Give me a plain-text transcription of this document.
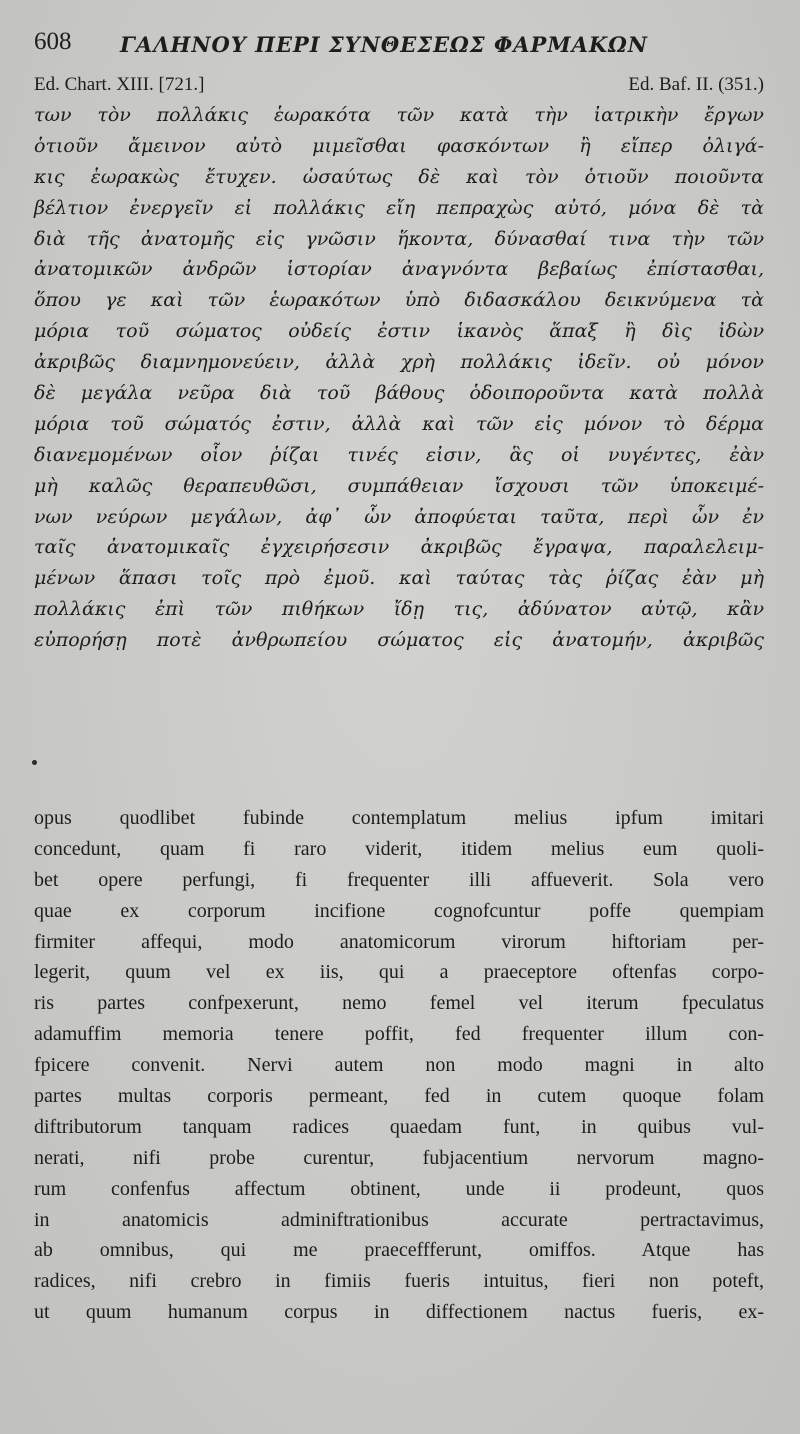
608 ΓΑΛΗΝΟΥ ΠΕΡΙ ΣΥΝΘΕΣΕΩΣ ΦΑΡΜΑΚΩΝ
Ed. Chart. XIII. [721.]	Ed. Baf. II. (351.)
των τὸν πολλάκις ἑωρακότα τῶν κατὰ τὴν ἰατρικὴν ἔργων
ὁτιοῦν ἄμεινον αὐτὸ μιμεῖσθαι φασκόντων ἢ εἴπερ ὀλιγά-
κις ἑωρακὼς ἔτυχεν. ὡσαύτως δὲ καὶ τὸν ὁτιοῦν ποιοῦντα
βέλτιον ἐνεργεῖν εἰ πολλάκις εἴη πεπραχὼς αὐτό, μόνα δὲ τὰ
διὰ τῆς ἀνατομῆς εἰς γνῶσιν ἥκοντα, δύνασθαί τινα τὴν τῶν
ἀνατομικῶν ἀνδρῶν ἱστορίαν ἀναγνόντα βεβαίως ἐπίστασθαι,
ὅπου γε καὶ τῶν ἑωρακότων ὑπὸ διδασκάλου δεικνύμενα τὰ
μόρια τοῦ σώματος οὐδείς ἐστιν ἱκανὸς ἅπαξ ἢ δὶς ἰδὼν
ἀκριβῶς διαμνημονεύειν, ἀλλὰ χρὴ πολλάκις ἰδεῖν. οὐ μόνον
δὲ μεγάλα νεῦρα διὰ τοῦ βάθους ὁδοιποροῦντα κατὰ πολλὰ
μόρια τοῦ σώματός ἐστιν, ἀλλὰ καὶ τῶν εἰς μόνον τὸ δέρμα
διανεμομένων οἷον ῥίζαι τινές εἰσιν, ἃς οἱ νυγέντες, ἐὰν
μὴ καλῶς θεραπευθῶσι, συμπάθειαν ἴσχουσι τῶν ὑποκειμέ-
νων νεύρων μεγάλων, ἀφ᾽ ὧν ἀποφύεται ταῦτα, περὶ ὧν ἐν
ταῖς ἀνατομικαῖς ἐγχειρήσεσιν ἀκριβῶς ἔγραψα, παραλελειμ-
μένων ἅπασι τοῖς πρὸ ἐμοῦ. καὶ ταύτας τὰς ῥίζας ἐὰν μὴ
πολλάκις ἐπὶ τῶν πιθήκων ἴδῃ τις, ἀδύνατον αὐτῷ, κἂν
εὐπορήσῃ ποτὲ ἀνθρωπείου σώματος εἰς ἀνατομήν, ἀκριβῶς
opus quodlibet fubinde contemplatum melius ipfum imitari
concedunt, quam fi raro viderit, itidem melius eum quoli-
bet opere perfungi, fi frequenter illi affueverit. Sola vero
quae ex corporum incifione cognofcuntur poffe quempiam
firmiter affequi, modo anatomicorum virorum hiftoriam per-
legerit, quum vel ex iis, qui a praeceptore oftenfas corpo-
ris partes confpexerunt, nemo femel vel iterum fpeculatus
adamuffim memoria tenere poffit, fed frequenter illum con-
fpicere convenit. Nervi autem non modo magni in alto
partes multas corporis permeant, fed in cutem quoque folam
diftributorum tanquam radices quaedam funt, in quibus vul-
nerati, nifi probe curentur, fubjacentium nervorum magno-
rum confenfus affectum obtinent, unde ii prodeunt, quos
in anatomicis adminiftrationibus accurate pertractavimus,
ab omnibus, qui me praeceffferunt, omiffos. Atque has
radices, nifi crebro in fimiis fueris intuitus, fieri non poteft,
ut quum humanum corpus in diffectionem nactus fueris, ex-
